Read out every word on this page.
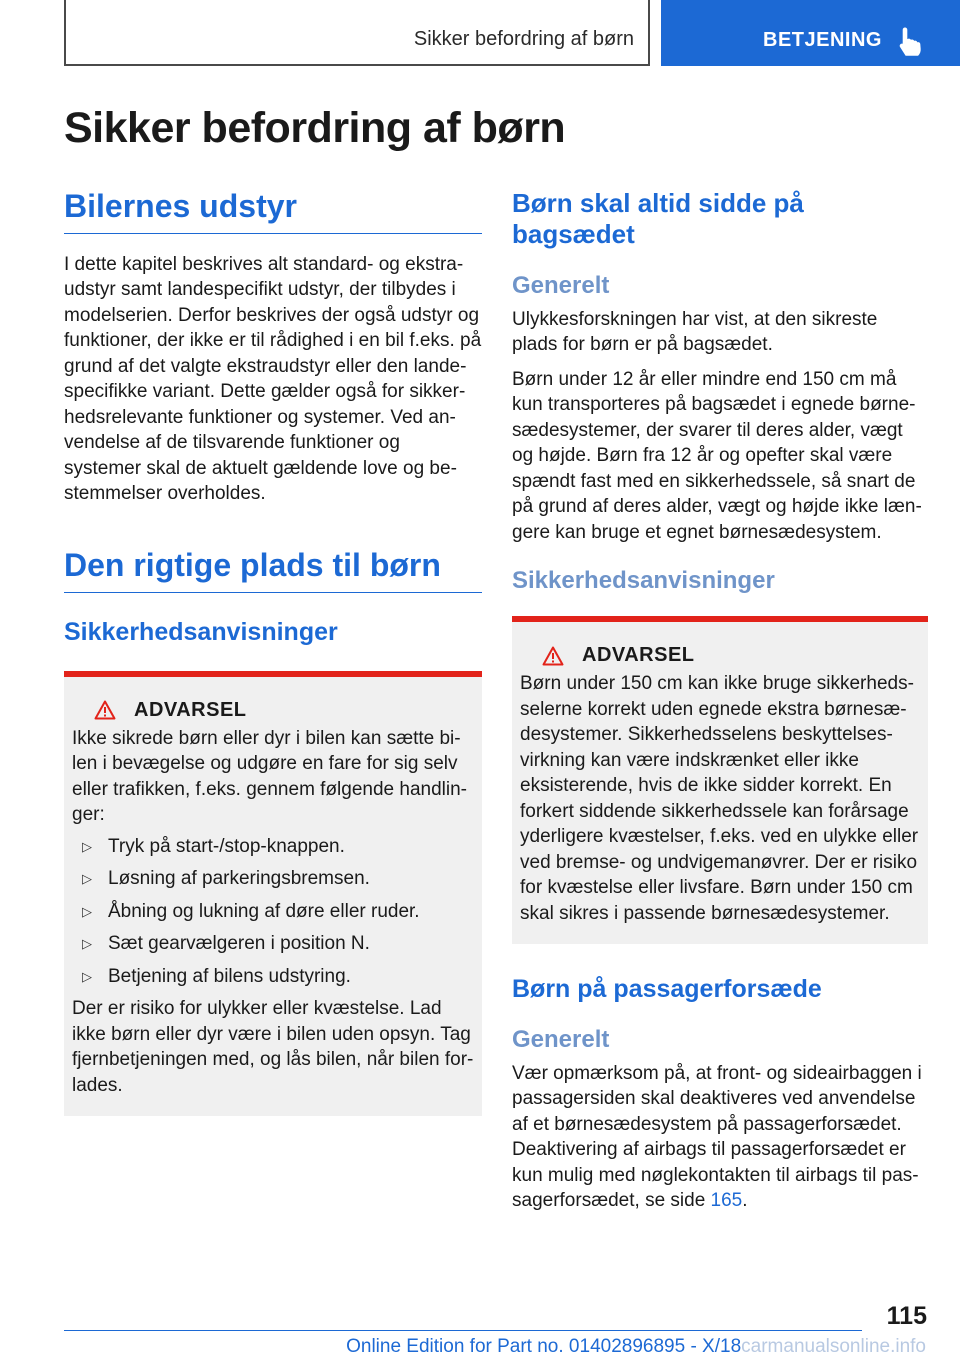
Sikker befordring af børn	BETJENING
Sikker befordring af børn
Bilernes udstyr

I dette kapitel beskrives alt standard- og ekstraudstyr samt landespecifikt udstyr, der tilbydes i modelserien. Derfor beskrives der også udstyr og funktioner, der ikke er til rådighed i en bil f.eks. på grund af det valgte ekstraudstyr eller den landespecifikke variant. Dette gælder også for sikkerhedsrelevante funktioner og systemer. Ved anvendelse af de tilsvarende funktioner og systemer skal de aktuelt gældende love og bestemmelser overholdes.

Den rigtige plads til børn
Sikkerhedsanvisninger
ADVARSEL

Ikke sikrede børn eller dyr i bilen kan sætte bilen i bevægelse og udgøre en fare for sig selv eller trafikken, f.eks. gennem følgende handlinger:

▷ Tryk på start-/stop-knappen.
▷ Løsning af parkeringsbremsen.
▷ Åbning og lukning af døre eller ruder.
▷ Sæt gearvælgeren i position N.
▷ Betjening af bilens udstyring.

Der er risiko for ulykker eller kvæstelse. Lad ikke børn eller dyr være i bilen uden opsyn. Tag fjernbetjeningen med, og lås bilen, når bilen forlades.

Børn skal altid sidde på bagsædet
Generelt

Ulykkesforskningen har vist, at den sikreste plads for børn er på bagsædet.

Børn under 12 år eller mindre end 150 cm må kun transporteres på bagsædet i egnede børnesædesystemer, der svarer til deres alder, vægt og højde. Børn fra 12 år og opefter skal være spændt fast med en sikkerhedssele, så snart de på grund af deres alder, vægt og højde ikke længere kan bruge et egnet børnesædesystem.

Sikkerhedsanvisninger
ADVARSEL

Børn under 150 cm kan ikke bruge sikkerhedsselerne korrekt uden egnede ekstra børnesædesystemer. Sikkerhedsselens beskyttelsesvirkning kan være indskrænket eller ikke eksisterende, hvis de ikke sidder korrekt. En forkert siddende sikkerhedssele kan forårsage yderligere kvæstelser, f.eks. ved en ulykke eller ved bremse- og undvigemanøvrer. Der er risiko for kvæstelse eller livsfare. Børn under 150 cm skal sikres i passende børnesædesystemer.

Børn på passagerforsæde
Generelt

Vær opmærksom på, at front- og sideairbaggen i passagersiden skal deaktiveres ved anvendelse af et børnesædesystem på passagerforsædet. Deaktivering af airbags til passagerforsædet er kun mulig med nøglekontakten til airbags til passagerforsædet, se side 165.

115
Online Edition for Part no. 01402896895 - X/18carmanualsonline.info
